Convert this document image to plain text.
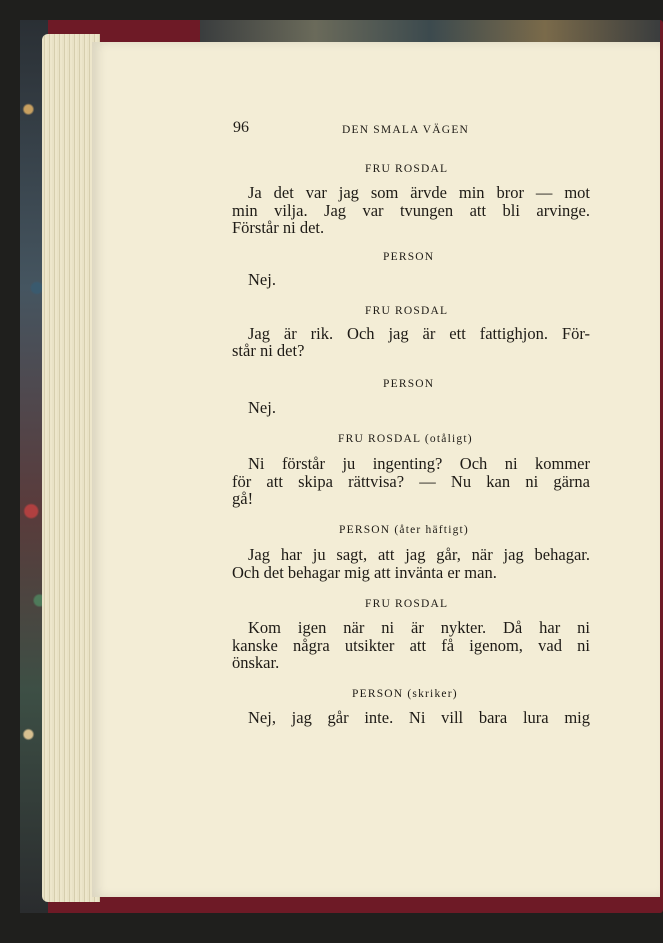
96	DEN SMALA VÄGEN
FRU ROSDAL
Ja det var jag som ärvde min bror — mot
min vilja. Jag var tvungen att bli arvinge.
Förstår ni det.
PERSON
Nej.
FRU ROSDAL
Jag är rik. Och jag är ett fattighjon. För-
står ni det?
PERSON
Nej.
FRU ROSDAL (otåligt)
Ni förstår ju ingenting? Och ni kommer
för att skipa rättvisa? — Nu kan ni gärna
gå!
PERSON (åter häftigt)
Jag har ju sagt, att jag går, när jag behagar.
Och det behagar mig att invänta er man.
FRU ROSDAL
Kom igen när ni är nykter. Då har ni
kanske några utsikter att få igenom, vad ni
önskar.
PERSON (skriker)
Nej, jag går inte. Ni vill bara lura mig
